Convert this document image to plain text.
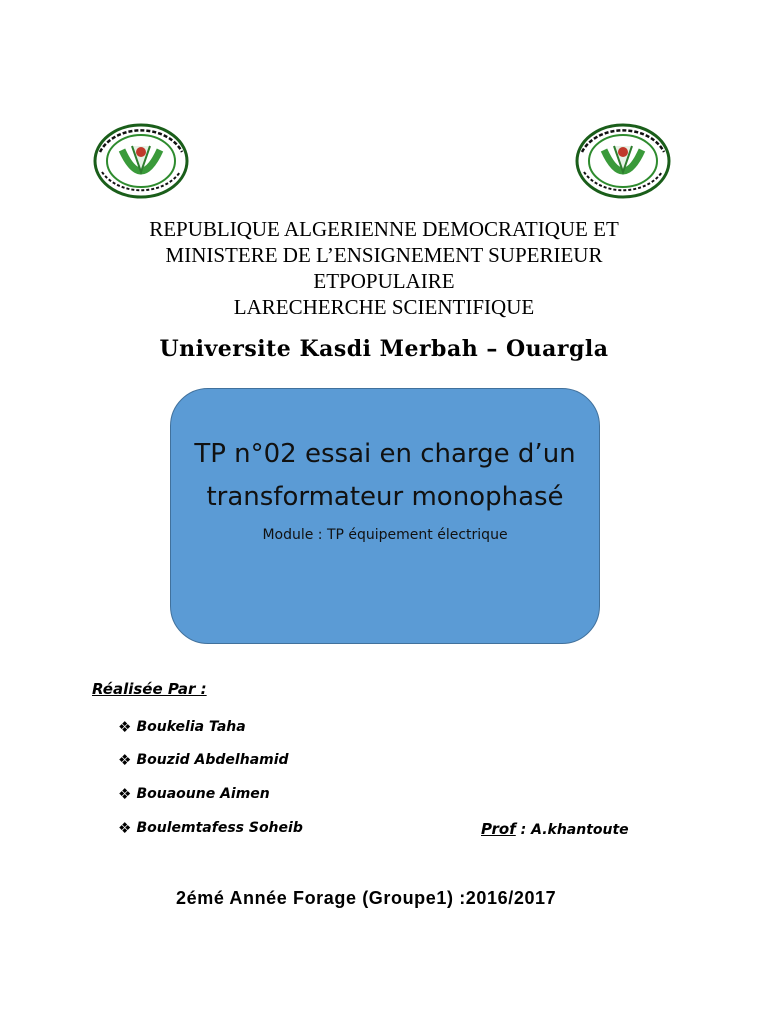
REPUBLIQUE ALGERIENNE DEMOCRATIQUE ET
MINISTERE DE L’ENSIGNEMENT SUPERIEUR
ETPOPULAIRE
LARECHERCHE SCIENTIFIQUE
Universite Kasdi Merbah – Ouargla
TP n°02 essai en charge d’un transformateur monophasé
Module : TP équipement électrique
Réalisée Par :
❖ Boukelia Taha
❖ Bouzid Abdelhamid
❖ Bouaoune Aimen
❖ Boulemtafess Soheib	Prof : A.khantoute
2émé Année Forage (Groupe1) :2016/2017
